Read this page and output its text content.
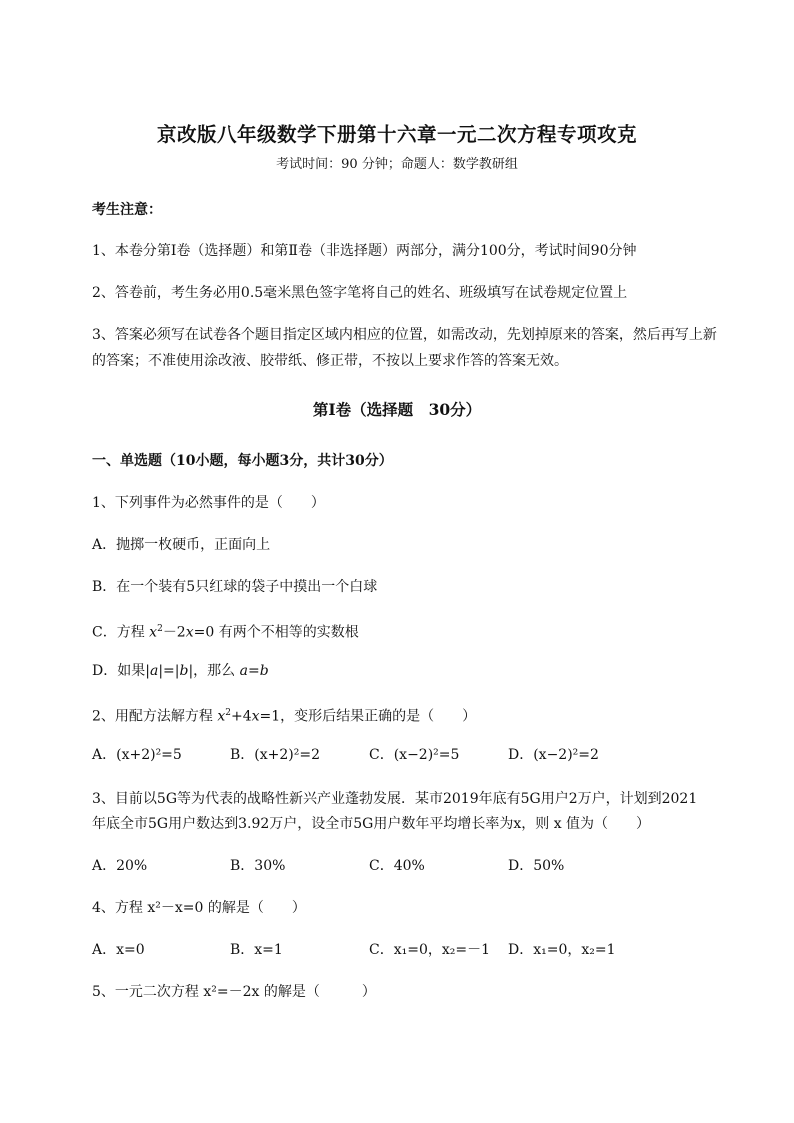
京改版八年级数学下册第十六章一元二次方程专项攻克
考试时间：90 分钟；命题人：数学教研组
考生注意：
1、本卷分第Ⅰ卷（选择题）和第Ⅱ卷（非选择题）两部分，满分100分，考试时间90分钟
2、答卷前，考生务必用0.5毫米黑色签字笔将自己的姓名、班级填写在试卷规定位置上
3、答案必须写在试卷各个题目指定区域内相应的位置，如需改动，先划掉原来的答案，然后再写上新
的答案；不准使用涂改液、胶带纸、修正带，不按以上要求作答的答案无效。
第Ⅰ卷（选择题　30分）
一、单选题（10小题，每小题3分，共计30分）
1、下列事件为必然事件的是（　　）
A．抛掷一枚硬币，正面向上
B．在一个装有5只红球的袋子中摸出一个白球
C．方程 $x^2-2x=0$ 有两个不相等的实数根
D．如果|a|=|b|，那么 a=b
2、用配方法解方程 $x^2+4x=1$，变形后结果正确的是（　　）
A．(x+2)²=5	B．(x+2)²=2	C．(x−2)²=5	D．(x−2)²=2
3、目前以5G等为代表的战略性新兴产业蓬勃发展．某市2019年底有5G用户2万户，计划到2021
年底全市5G用户数达到3.92万户，设全市5G用户数年平均增长率为x，则 x 值为（　　）
A．20%	B．30%	C．40%	D．50%
4、方程 x²－x=0 的解是（　　）
A．x=0	B．x=1	C．x₁=0，x₂=－1 D．x₁=0，x₂=1
5、一元二次方程 x²=－2x 的解是（　　　）
